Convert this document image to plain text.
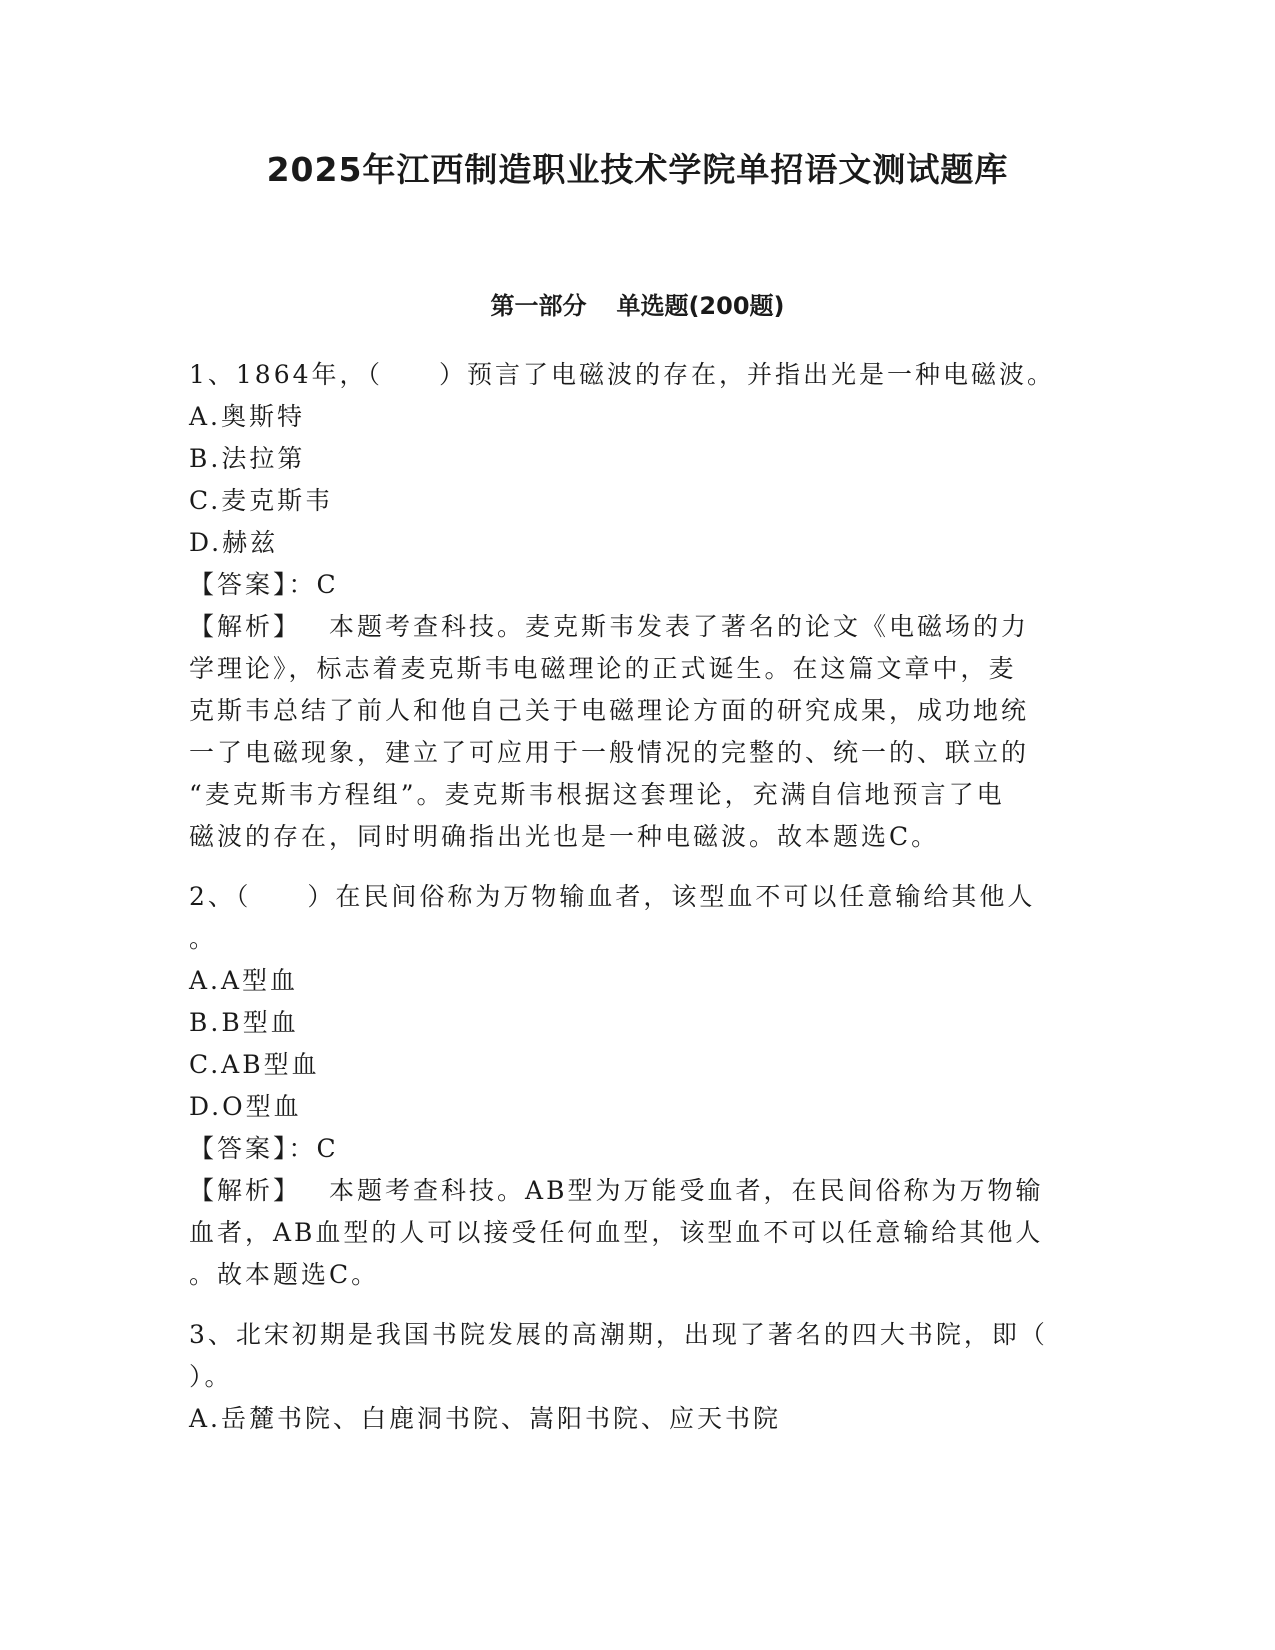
2025年江西制造职业技术学院单招语文测试题库
第一部分 单选题(200题)
1、1864年，（　　）预言了电磁波的存在，并指出光是一种电磁波。
A.奥斯特
B.法拉第
C.麦克斯韦
D.赫兹
【答案】：C
【解析】 本题考查科技。麦克斯韦发表了著名的论文《电磁场的力
学理论》，标志着麦克斯韦电磁理论的正式诞生。在这篇文章中，麦
克斯韦总结了前人和他自己关于电磁理论方面的研究成果，成功地统
一了电磁现象，建立了可应用于一般情况的完整的、统一的、联立的
“麦克斯韦方程组”。麦克斯韦根据这套理论，充满自信地预言了电
磁波的存在，同时明确指出光也是一种电磁波。故本题选C。
2、（　　）在民间俗称为万物输血者，该型血不可以任意输给其他人
。
A.A型血
B.B型血
C.AB型血
D.O型血
【答案】：C
【解析】 本题考查科技。AB型为万能受血者，在民间俗称为万物输
血者，AB血型的人可以接受任何血型，该型血不可以任意输给其他人
。故本题选C。
3、北宋初期是我国书院发展的高潮期，出现了著名的四大书院，即（
）。
A.岳麓书院、白鹿洞书院、嵩阳书院、应天书院
